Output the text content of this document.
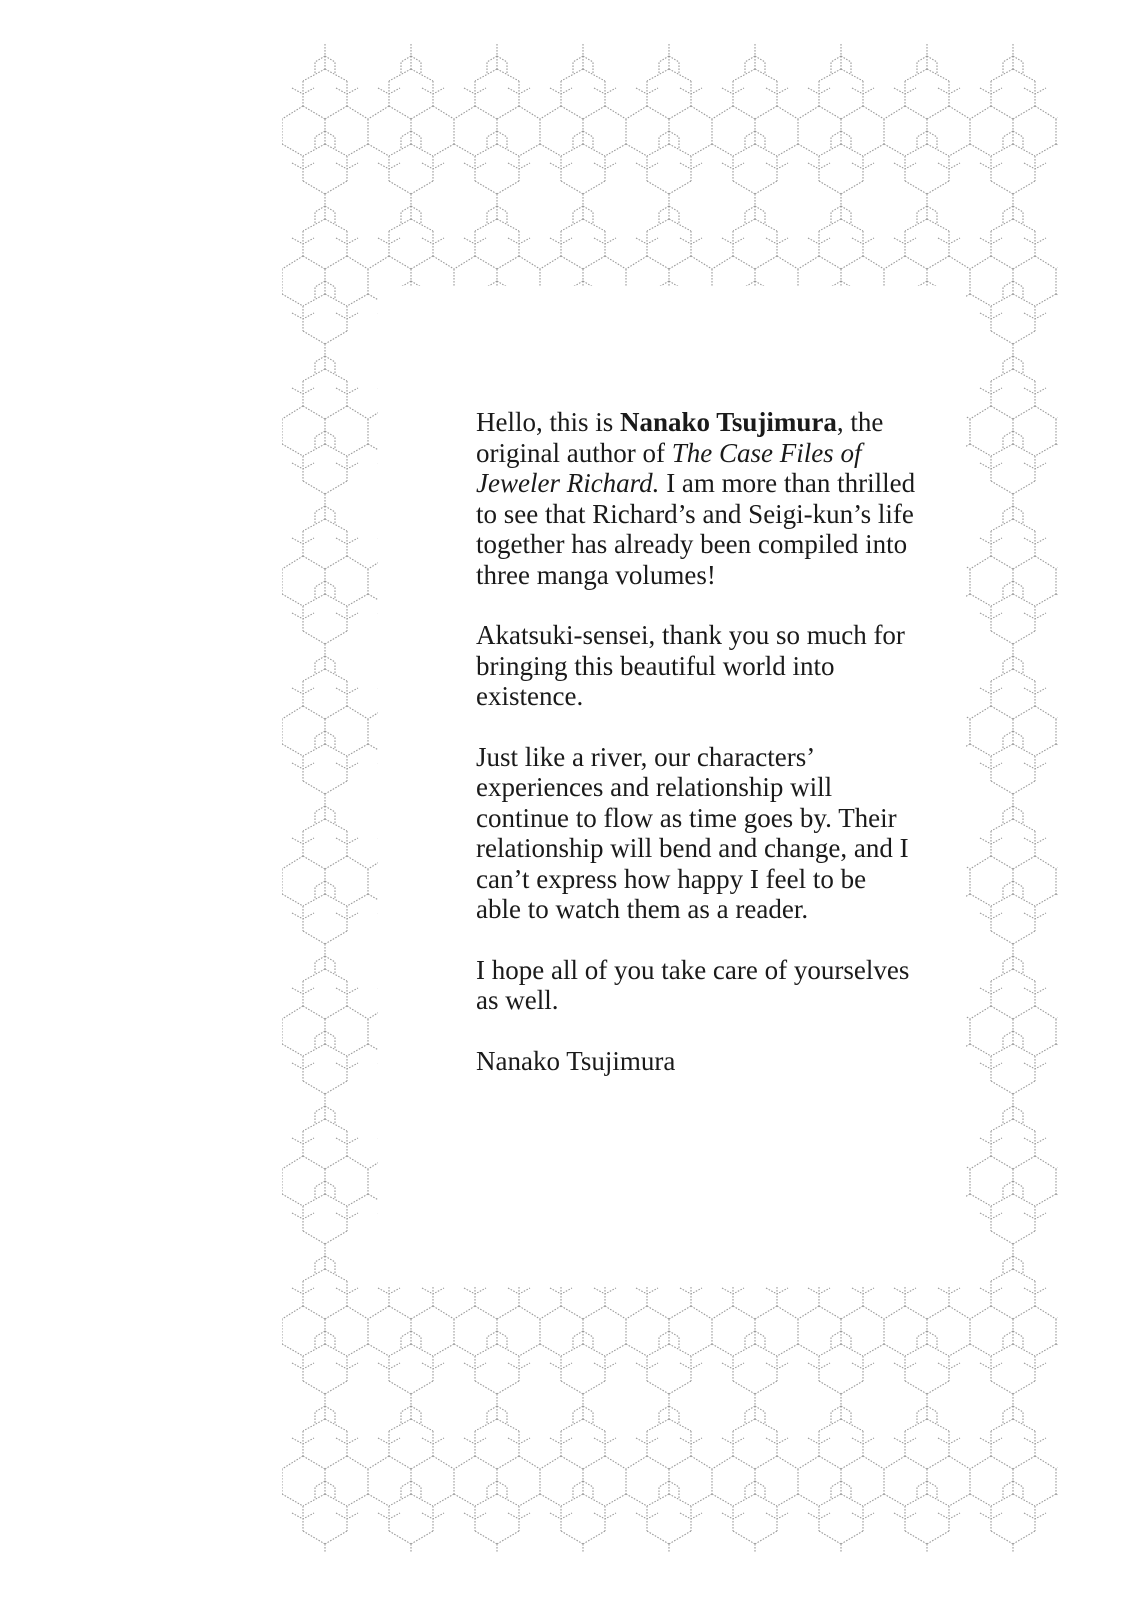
Hello, this is Nanako Tsujimura, the original author of The Case Files of Jeweler Richard. I am more than thrilled to see that Richard’s and Seigi-kun’s life together has already been compiled into three manga volumes!

Akatsuki-sensei, thank you so much for bringing this beautiful world into existence.

Just like a river, our characters’ experiences and relationship will continue to flow as time goes by. Their relationship will bend and change, and I can’t express how happy I feel to be able to watch them as a reader.

I hope all of you take care of yourselves as well.

Nanako Tsujimura
